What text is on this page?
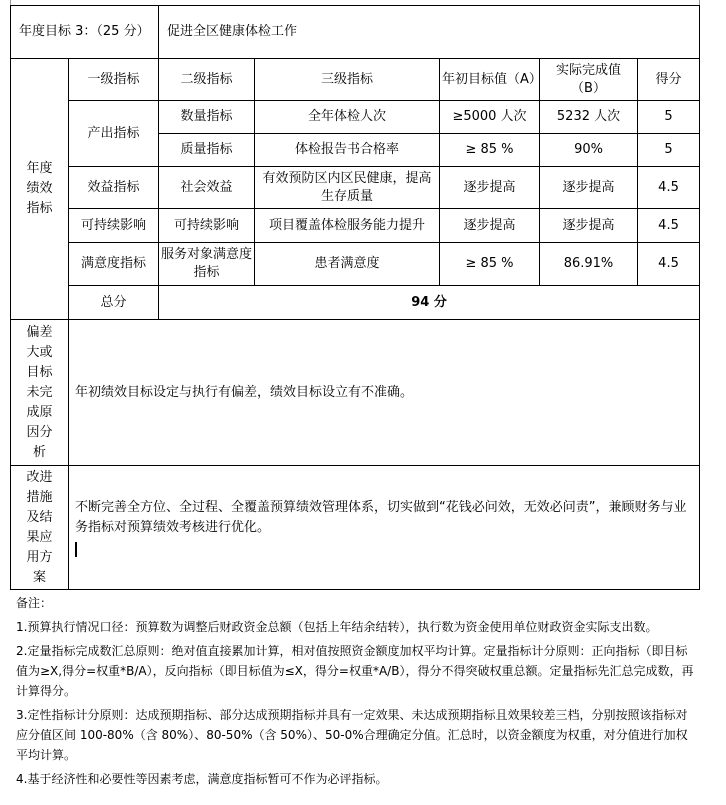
年度目标 3：（25 分）		促进全区健康体检工作				
年度绩效指标	一级指标	二级指标	三级指标	年初目标值（A）	实际完成值（B）	得分
	产出指标	数量指标	全年体检人次	≥5000 人次	5232 人次	5
		质量指标	体检报告书合格率	≥ 85 %	90%	5
	效益指标	社会效益	有效预防区内区民健康，提高生存质量	逐步提高	逐步提高	4.5
	可持续影响	可持续影响	项目覆盖体检服务能力提升	逐步提高	逐步提高	4.5
	满意度指标	服务对象满意度指标	患者满意度	≥ 85 %	86.91%	4.5
	总分	94 分				
偏差大或目标未完成原因分析	年初绩效目标设定与执行有偏差，绩效目标设立有不准确。					
改进措施及结果应用方案	不断完善全方位、全过程、全覆盖预算绩效管理体系，切实做到“花钱必问效，无效必问责”，兼顾财务与业务指标对预算绩效考核进行优化。					

备注：

1.预算执行情况口径：预算数为调整后财政资金总额（包括上年结余结转），执行数为资金使用单位财政资金实际支出数。

2.定量指标完成数汇总原则：绝对值直接累加计算，相对值按照资金额度加权平均计算。定量指标计分原则：正向指标（即目标值为≥X,得分=权重*B/A），反向指标（即目标值为≤X，得分=权重*A/B），得分不得突破权重总额。定量指标先汇总完成数，再计算得分。

3.定性指标计分原则：达成预期指标、部分达成预期指标并具有一定效果、未达成预期指标且效果较差三档，分别按照该指标对应分值区间 100-80%（含 80%）、80-50%（含 50%）、50-0%合理确定分值。汇总时，以资金额度为权重，对分值进行加权平均计算。

4.基于经济性和必要性等因素考虑，满意度指标暂可不作为必评指标。
